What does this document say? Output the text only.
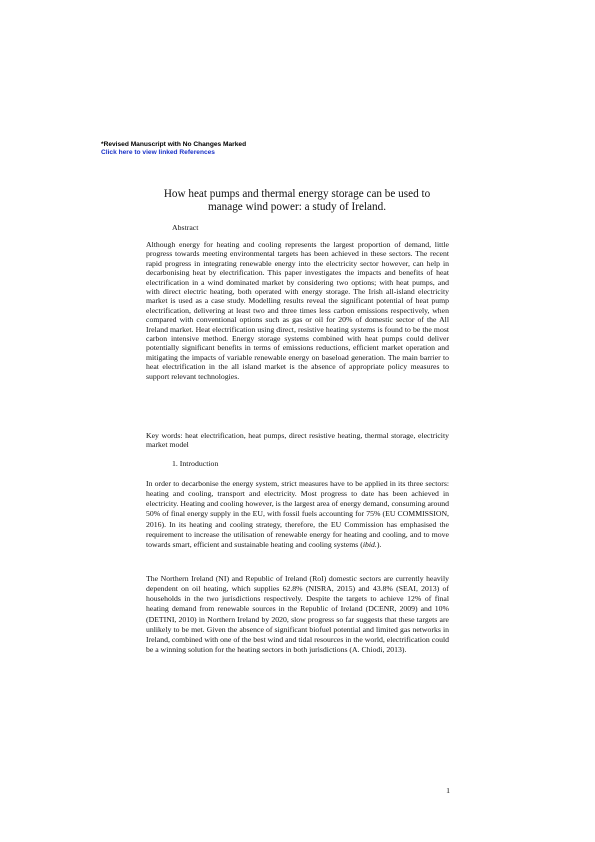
*Revised Manuscript with No Changes Marked
Click here to view linked References
How heat pumps and thermal energy storage can be used to manage wind power: a study of Ireland.
Abstract
Although energy for heating and cooling represents the largest proportion of demand, little progress towards meeting environmental targets has been achieved in these sectors. The recent rapid progress in integrating renewable energy into the electricity sector however, can help in decarbonising heat by electrification. This paper investigates the impacts and benefits of heat electrification in a wind dominated market by considering two options; with heat pumps, and with direct electric heating, both operated with energy storage. The Irish all-island electricity market is used as a case study. Modelling results reveal the significant potential of heat pump electrification, delivering at least two and three times less carbon emissions respectively, when compared with conventional options such as gas or oil for 20% of domestic sector of the All Ireland market. Heat electrification using direct, resistive heating systems is found to be the most carbon intensive method. Energy storage systems combined with heat pumps could deliver potentially significant benefits in terms of emissions reductions, efficient market operation and mitigating the impacts of variable renewable energy on baseload generation. The main barrier to heat electrification in the all island market is the absence of appropriate policy measures to support relevant technologies.
Key words: heat electrification, heat pumps, direct resistive heating, thermal storage, electricity market model
1. Introduction
In order to decarbonise the energy system, strict measures have to be applied in its three sectors: heating and cooling, transport and electricity. Most progress to date has been achieved in electricity. Heating and cooling however, is the largest area of energy demand, consuming around 50% of final energy supply in the EU, with fossil fuels accounting for 75% (EU COMMISSION, 2016). In its heating and cooling strategy, therefore, the EU Commission has emphasised the requirement to increase the utilisation of renewable energy for heating and cooling, and to move towards smart, efficient and sustainable heating and cooling systems (ibid.).
The Northern Ireland (NI) and Republic of Ireland (RoI) domestic sectors are currently heavily dependent on oil heating, which supplies 62.8% (NISRA, 2015) and 43.8% (SEAI, 2013) of households in the two jurisdictions respectively. Despite the targets to achieve 12% of final heating demand from renewable sources in the Republic of Ireland (DCENR, 2009) and 10% (DETINI, 2010) in Northern Ireland by 2020, slow progress so far suggests that these targets are unlikely to be met. Given the absence of significant biofuel potential and limited gas networks in Ireland, combined with one of the best wind and tidal resources in the world, electrification could be a winning solution for the heating sectors in both jurisdictions (A. Chiodi, 2013).
1
